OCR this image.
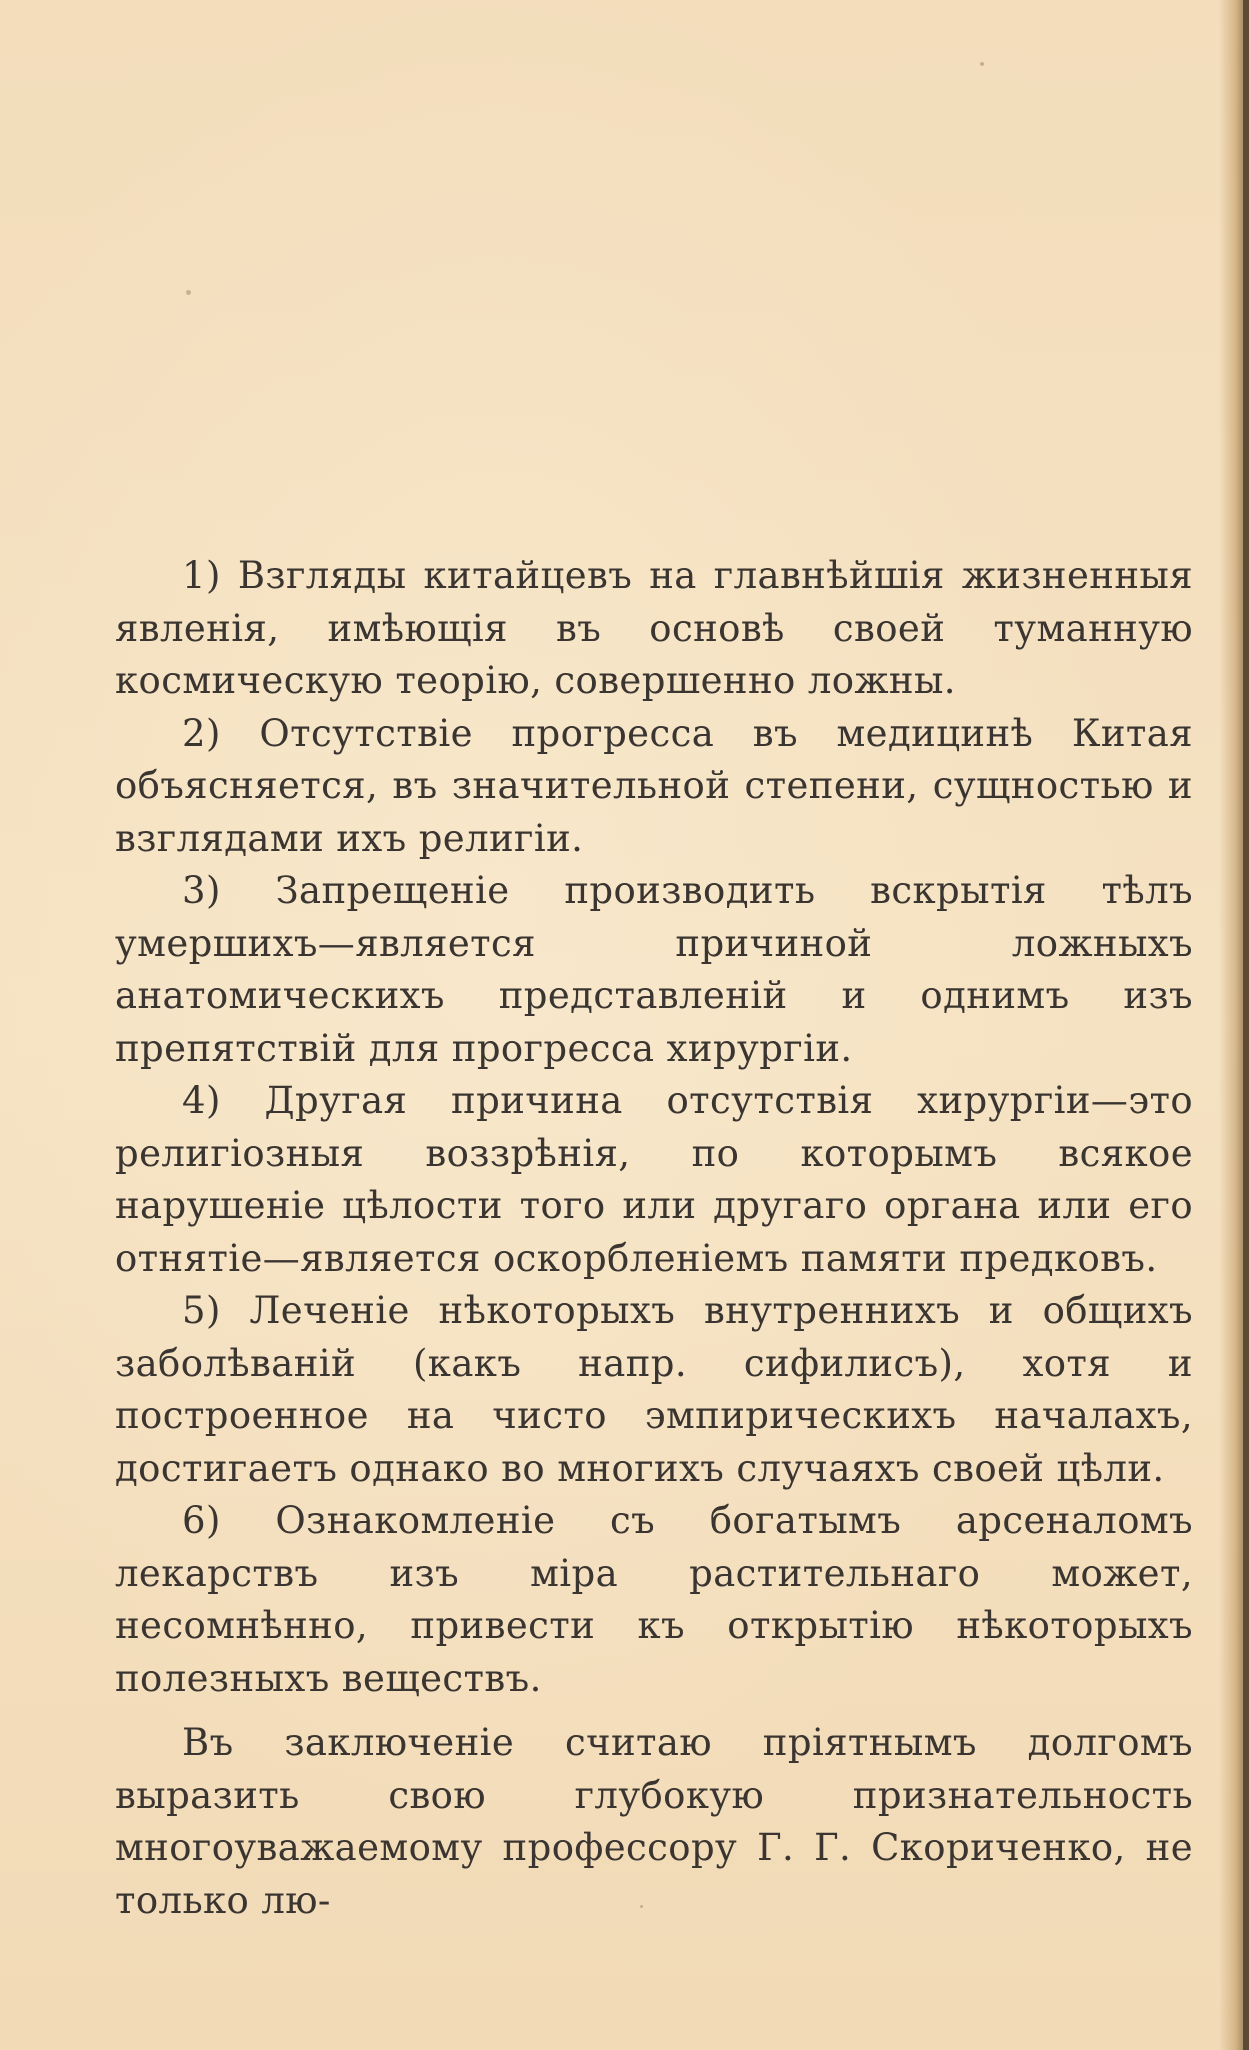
1) Взгляды китайцевъ на главнѣйшія жизненныя явленія, имѣющія въ основѣ своей туманную космическую теорію, совершенно ложны.

2) Отсутствіе прогресса въ медицинѣ Китая объясняется, въ значительной степени, сущностью и взглядами ихъ религіи.

3) Запрещеніе производить вскрытія тѣлъ умершихъ—является причиной ложныхъ анатомическихъ представленій и однимъ изъ препятствій для прогресса хирургіи.

4) Другая причина отсутствія хирургіи—это религіозныя воззрѣнія, по которымъ всякое нарушеніе цѣлости того или другаго органа или его отнятіе—является оскорбленіемъ памяти предковъ.

5) Леченіе нѣкоторыхъ внутреннихъ и общихъ заболѣваній (какъ напр. сифилисъ), хотя и построенное на чисто эмпирическихъ началахъ, достигаетъ однако во многихъ случаяхъ своей цѣли.

6) Ознакомленіе съ богатымъ арсеналомъ лекарствъ изъ міра растительнаго может, несомнѣнно, привести къ открытію нѣкоторыхъ полезныхъ веществъ.

Въ заключеніе считаю пріятнымъ долгомъ выразить свою глубокую признательность многоуважаемому профессору Г. Г. Скориченко, не только лю-
